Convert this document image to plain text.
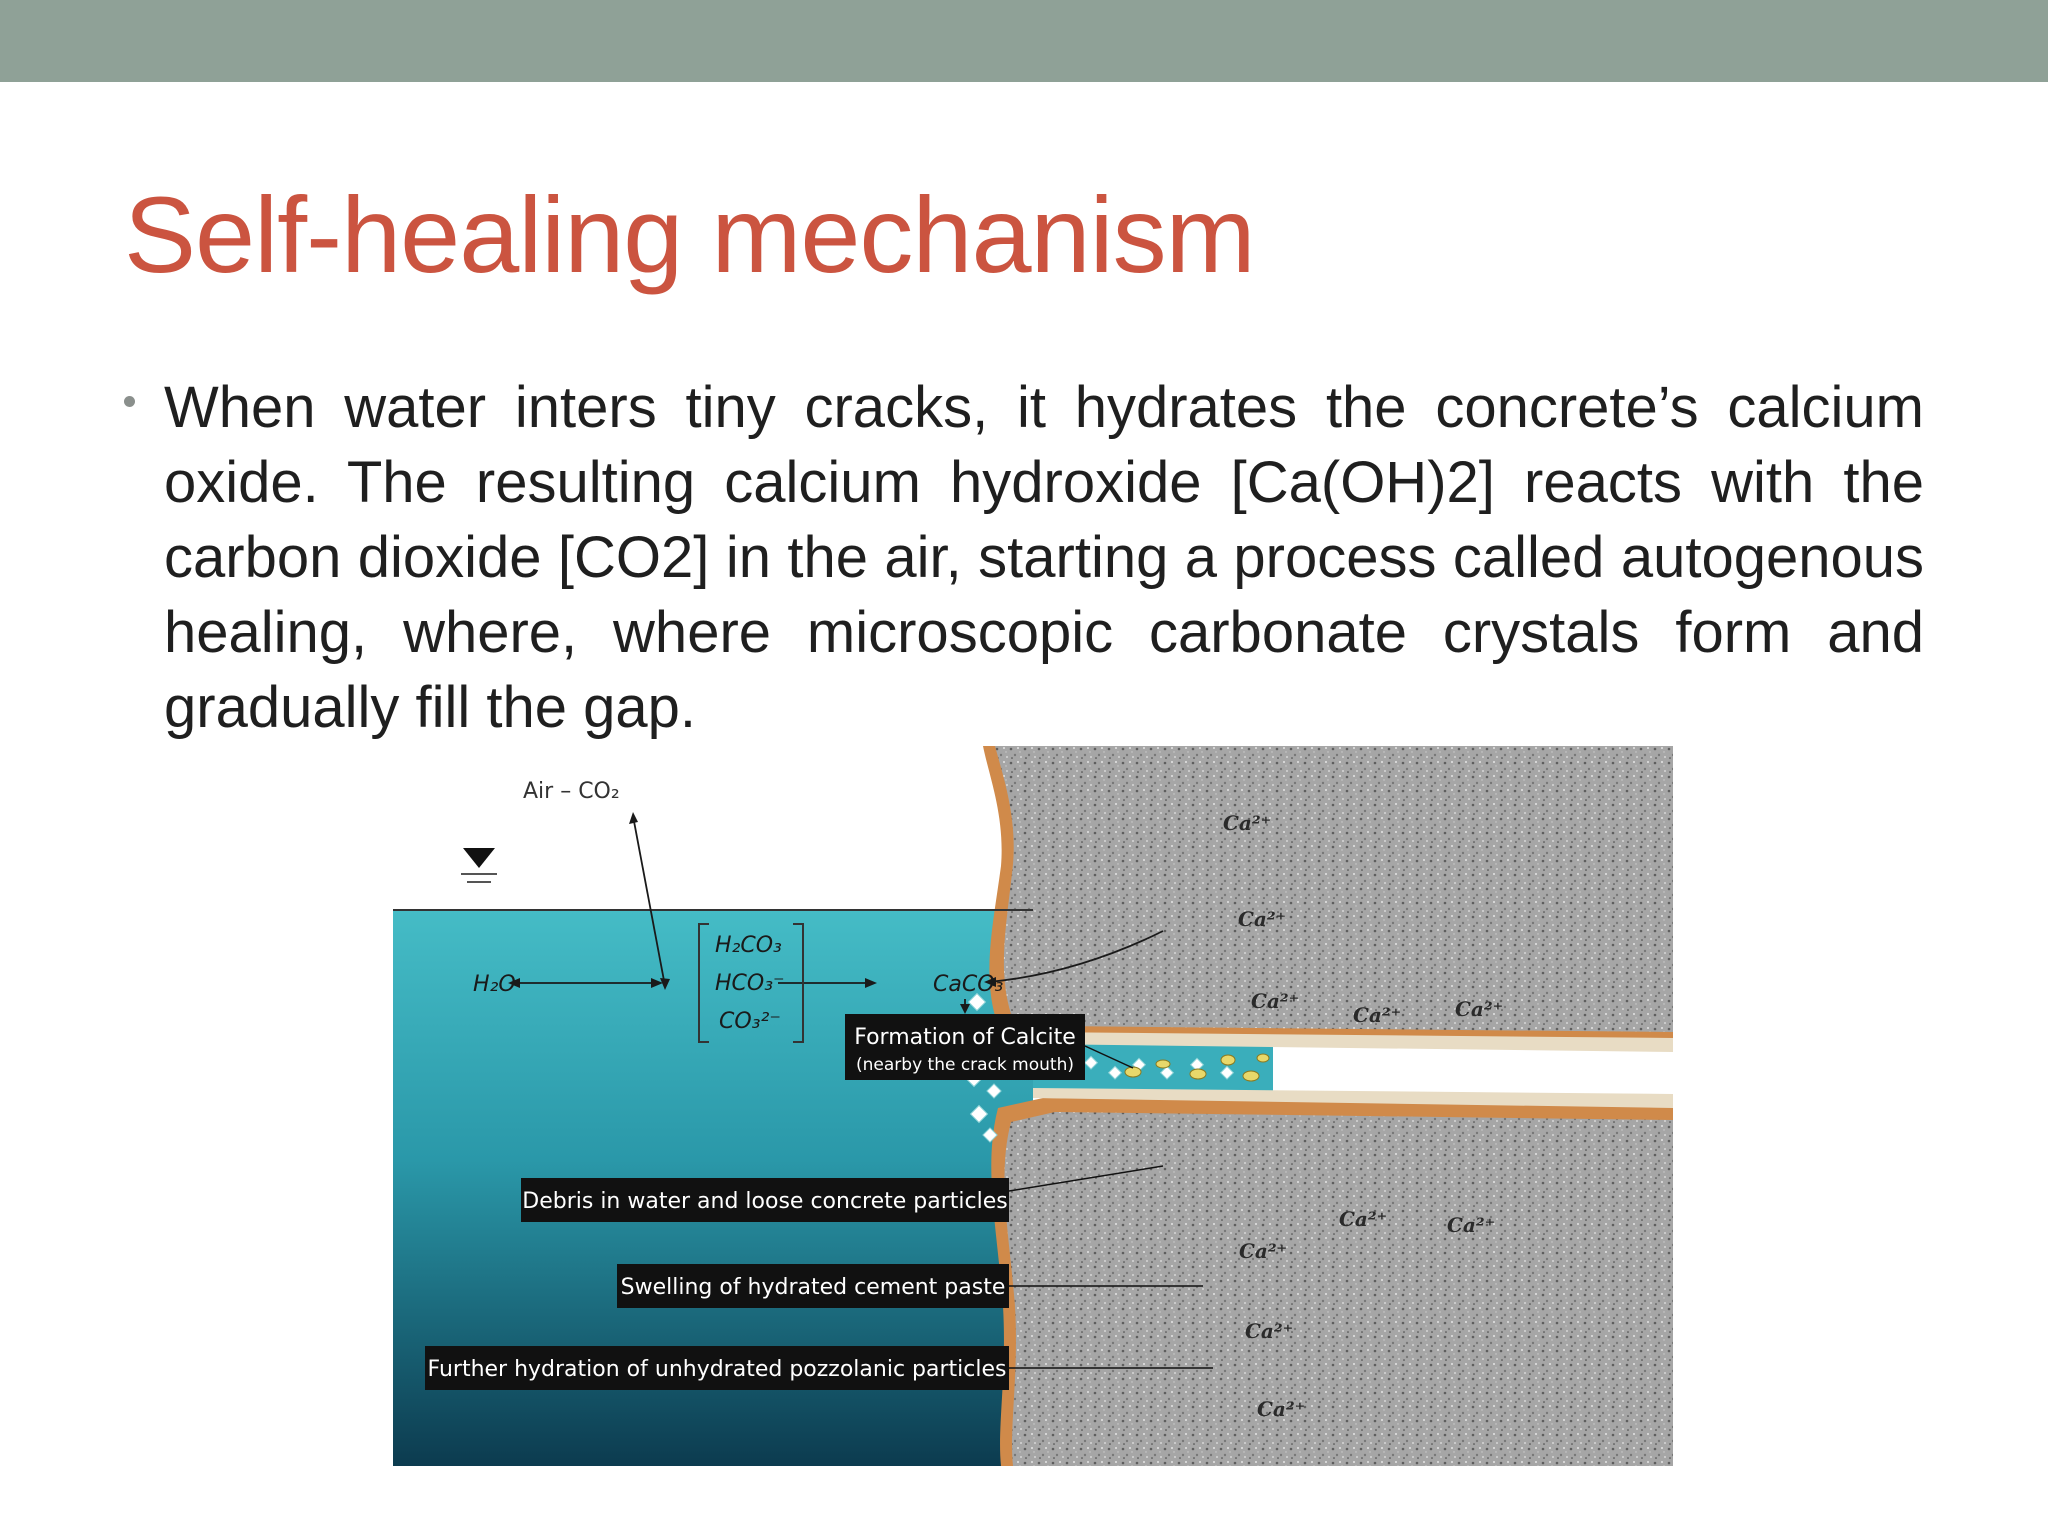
Self-healing mechanism

When water inters tiny cracks, it hydrates the concrete’s calcium oxide. The resulting calcium hydroxide [Ca(OH)2] reacts with the carbon dioxide [CO2] in the air, starting a process called autogenous healing, where, where microscopic carbonate crystals form and gradually fill the gap.

Air – CO₂
H₂O
H₂CO₃
HCO₃⁻
CO₃²⁻
CaCO₃
Formation of Calcite
(nearby the crack mouth)
Debris in water and loose concrete particles
Swelling of hydrated cement paste
Further hydration of unhydrated pozzolanic particles
Ca²⁺
Ca²⁺
Ca²⁺
Ca²⁺	Ca²⁺
Ca²⁺	Ca²⁺
Ca²⁺
Ca²⁺
Ca²⁺
